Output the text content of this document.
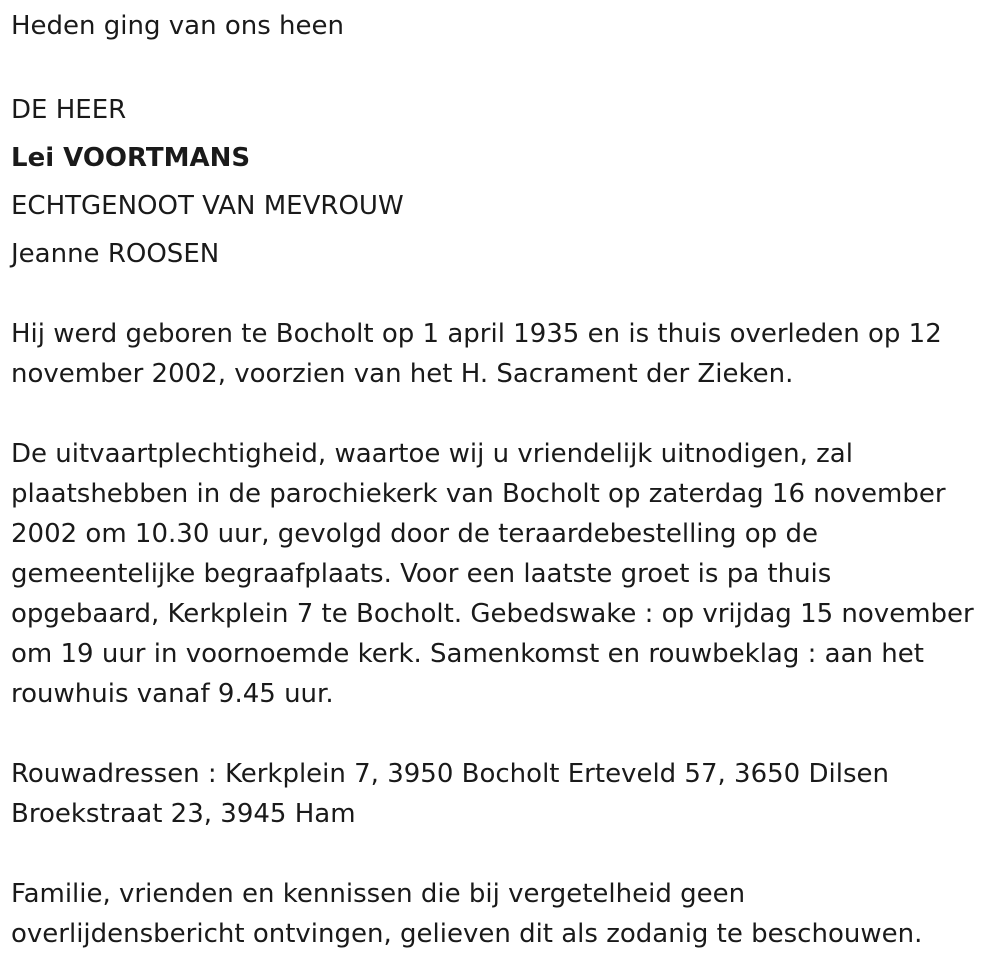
Heden ging van ons heen
DE HEER
Lei VOORTMANS
ECHTGENOOT VAN MEVROUW
Jeanne ROOSEN
Hij werd geboren te Bocholt op 1 april 1935 en is thuis overleden op 12
november 2002, voorzien van het H. Sacrament der Zieken.
De uitvaartplechtigheid, waartoe wij u vriendelijk uitnodigen, zal
plaatshebben in de parochiekerk van Bocholt op zaterdag 16 november
2002 om 10.30 uur, gevolgd door de teraardebestelling op de
gemeentelijke begraafplaats. Voor een laatste groet is pa thuis
opgebaard, Kerkplein 7 te Bocholt. Gebedswake : op vrijdag 15 november
om 19 uur in voornoemde kerk. Samenkomst en rouwbeklag : aan het
rouwhuis vanaf 9.45 uur.
Rouwadressen : Kerkplein 7, 3950 Bocholt Erteveld 57, 3650 Dilsen
Broekstraat 23, 3945 Ham
Familie, vrienden en kennissen die bij vergetelheid geen
overlijdensbericht ontvingen, gelieven dit als zodanig te beschouwen.
